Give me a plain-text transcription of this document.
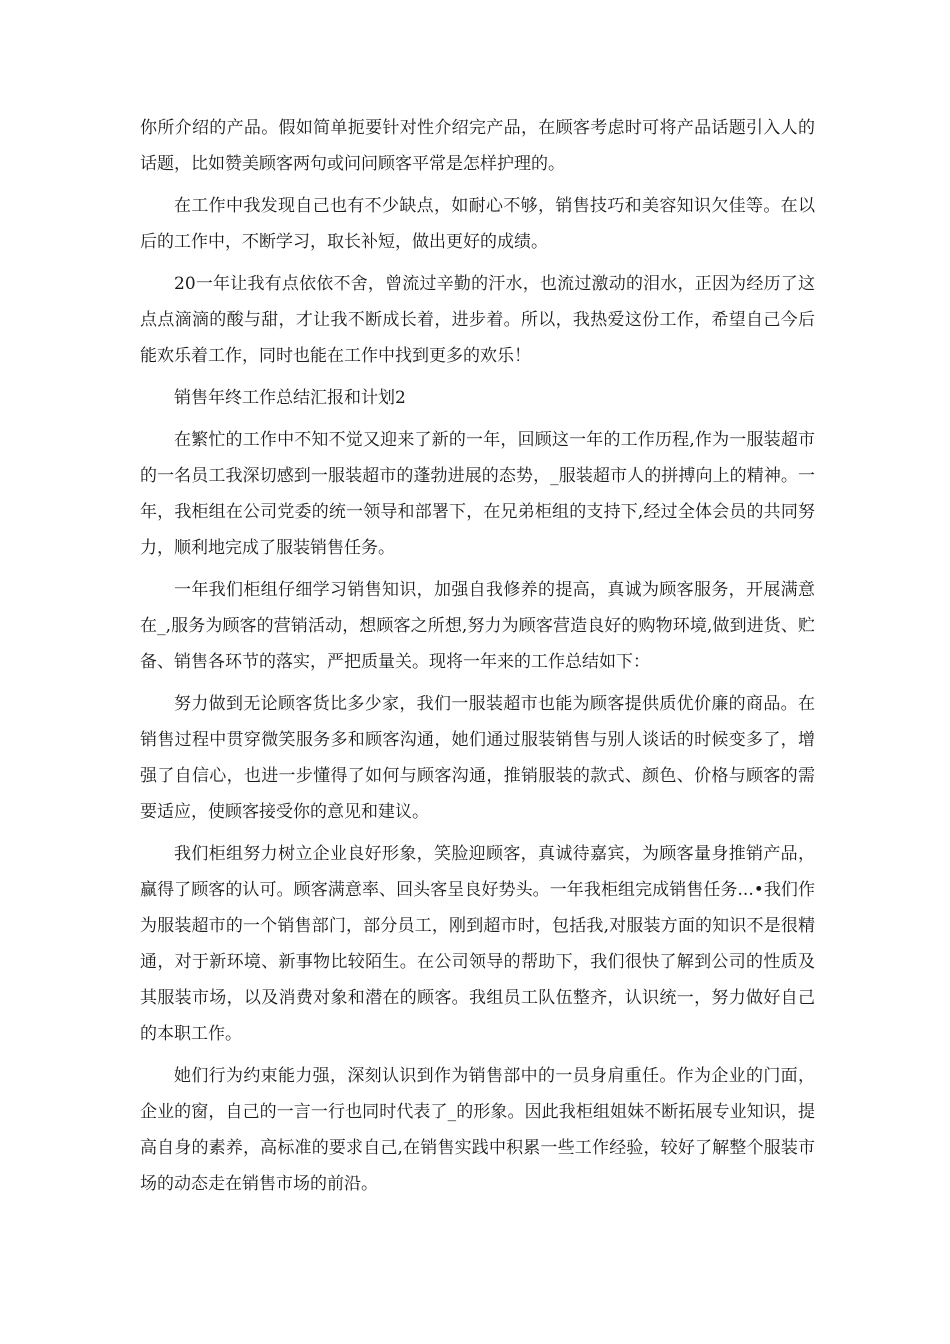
你所介绍的产品。假如简单扼要针对性介绍完产品，在顾客考虑时可将产品话题引入人的话题，比如赞美顾客两句或问问顾客平常是怎样护理的。

在工作中我发现自己也有不少缺点，如耐心不够，销售技巧和美容知识欠佳等。在以后的工作中，不断学习，取长补短，做出更好的成绩。

20一年让我有点依依不舍，曾流过辛勤的汗水，也流过激动的泪水，正因为经历了这点点滴滴的酸与甜，才让我不断成长着，进步着。所以，我热爱这份工作，希望自己今后能欢乐着工作，同时也能在工作中找到更多的欢乐！

销售年终工作总结汇报和计划2

在繁忙的工作中不知不觉又迎来了新的一年，回顾这一年的工作历程,作为一服装超市的一名员工我深切感到一服装超市的蓬勃进展的态势，_服装超市人的拼搏向上的精神。一年，我柜组在公司党委的统一领导和部署下，在兄弟柜组的支持下,经过全体会员的共同努力，顺利地完成了服装销售任务。

一年我们柜组仔细学习销售知识，加强自我修养的提高，真诚为顾客服务，开展满意在_,服务为顾客的营销活动，想顾客之所想,努力为顾客营造良好的购物环境,做到进货、贮备、销售各环节的落实，严把质量关。现将一年来的工作总结如下：

努力做到无论顾客货比多少家，我们一服装超市也能为顾客提供质优价廉的商品。在销售过程中贯穿微笑服务多和顾客沟通，她们通过服装销售与别人谈话的时候变多了，增强了自信心，也进一步懂得了如何与顾客沟通，推销服装的款式、颜色、价格与顾客的需要适应，使顾客接受你的意见和建议。

我们柜组努力树立企业良好形象，笑脸迎顾客，真诚待嘉宾，为顾客量身推销产品，赢得了顾客的认可。顾客满意率、回头客呈良好势头。一年我柜组完成销售任务...•我们作为服装超市的一个销售部门，部分员工，刚到超市时，包括我,对服装方面的知识不是很精通，对于新环境、新事物比较陌生。在公司领导的帮助下，我们很快了解到公司的性质及其服装市场，以及消费对象和潜在的顾客。我组员工队伍整齐，认识统一，努力做好自己的本职工作。

她们行为约束能力强，深刻认识到作为销售部中的一员身肩重任。作为企业的门面，企业的窗，自己的一言一行也同时代表了_的形象。因此我柜组姐妹不断拓展专业知识，提高自身的素养，高标准的要求自己,在销售实践中积累一些工作经验，较好了解整个服装市场的动态走在销售市场的前沿。
